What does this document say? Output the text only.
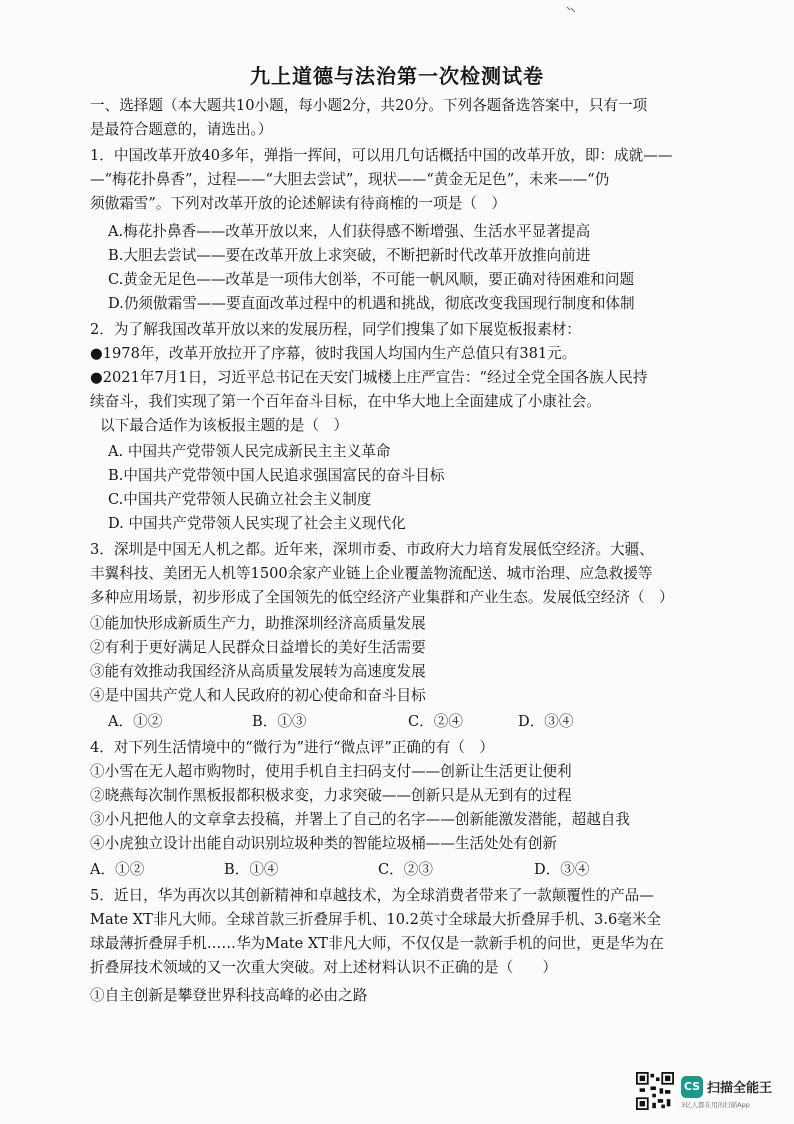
九上道德与法治第一次检测试卷
一、选择题（本大题共10小题，每小题2分，共20分。下列各题备选答案中，只有一项
是最符合题意的，请选出。）
1．中国改革开放40多年，弹指一挥间，可以用几句话概括中国的改革开放，即：成就——
—“梅花扑鼻香”，过程——“大胆去尝试”，现状——“黄金无足色”，未来——“仍
须傲霜雪”。下列对改革开放的论述解读有待商榷的一项是（　）
A.梅花扑鼻香——改革开放以来，人们获得感不断增强、生活水平显著提高
B.大胆去尝试——要在改革开放上求突破，不断把新时代改革开放推向前进
C.黄金无足色——改革是一项伟大创举，不可能一帆风顺，要正确对待困难和问题
D.仍须傲霜雪——要直面改革过程中的机遇和挑战，彻底改变我国现行制度和体制
2．为了解我国改革开放以来的发展历程，同学们搜集了如下展览板报素材：
●1978年，改革开放拉开了序幕，彼时我国人均国内生产总值只有381元。
●2021年7月1日，习近平总书记在天安门城楼上庄严宣告：“经过全党全国各族人民持
续奋斗，我们实现了第一个百年奋斗目标，在中华大地上全面建成了小康社会。
以下最合适作为该板报主题的是（　）
A. 中国共产党带领人民完成新民主主义革命
B.中国共产党带领中国人民追求强国富民的奋斗目标
C.中国共产党带领人民确立社会主义制度
D. 中国共产党带领人民实现了社会主义现代化
3．深圳是中国无人机之都。近年来，深圳市委、市政府大力培育发展低空经济。大疆、
丰翼科技、美团无人机等1500余家产业链上企业覆盖物流配送、城市治理、应急救援等
多种应用场景，初步形成了全国领先的低空经济产业集群和产业生态。发展低空经济（　）
①能加快形成新质生产力，助推深圳经济高质量发展
②有利于更好满足人民群众日益增长的美好生活需要
③能有效推动我国经济从高质量发展转为高速度发展
④是中国共产党人和人民政府的初心使命和奋斗目标
A．①②	B．①③	C．②④	D．③④
4．对下列生活情境中的“微行为”进行“微点评”正确的有（　）
①小雪在无人超市购物时，使用手机自主扫码支付——创新让生活更让便利
②晓燕每次制作黑板报都积极求变，力求突破——创新只是从无到有的过程
③小凡把他人的文章拿去投稿，并署上了自己的名字——创新能激发潜能，超越自我
④小虎独立设计出能自动识别垃圾种类的智能垃圾桶——生活处处有创新
A．①②	B．①④	C．②③	D．③④
5．近日，华为再次以其创新精神和卓越技术，为全球消费者带来了一款颠覆性的产品—
Mate XT非凡大师。全球首款三折叠屏手机、10.2英寸全球最大折叠屏手机、3.6毫米全
球最薄折叠屏手机……华为Mate XT非凡大师，不仅仅是一款新手机的问世，更是华为在
折叠屏技术领域的又一次重大突破。对上述材料认识不正确的是（　　）
①自主创新是攀登世界科技高峰的必由之路
CS 扫描全能王
3亿人都在用的扫描App
